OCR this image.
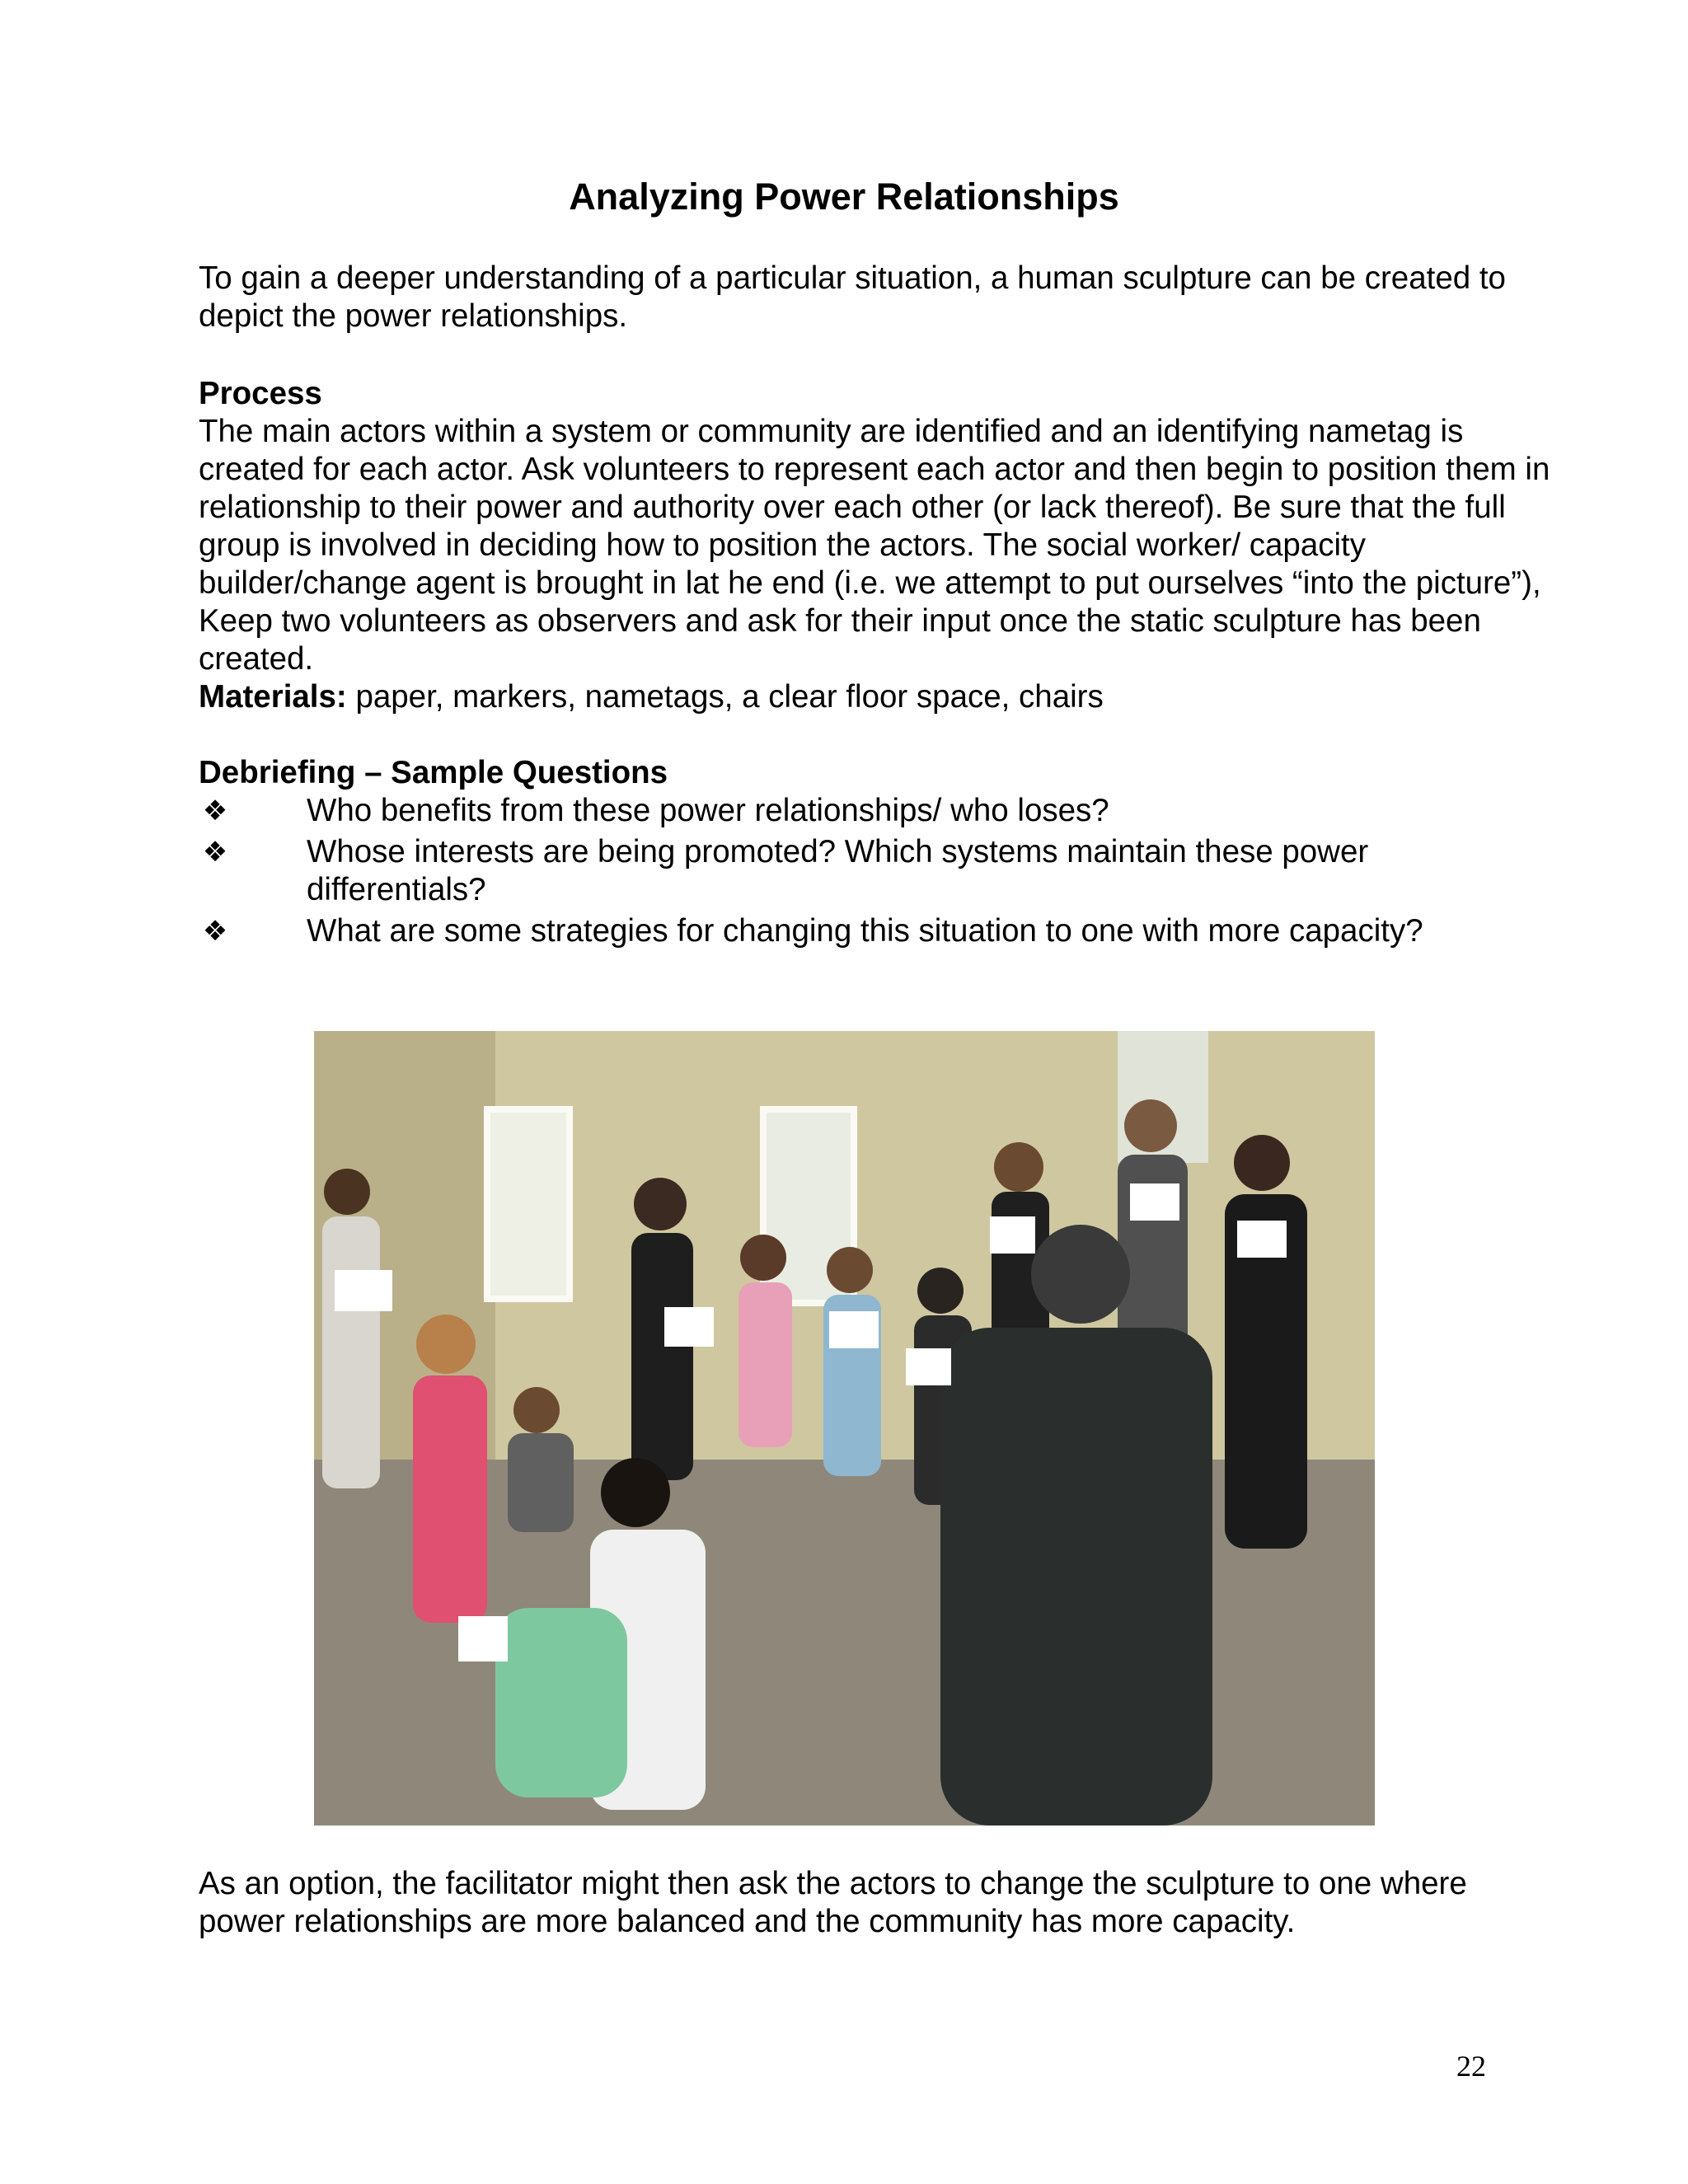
Analyzing Power Relationships

To gain a deeper understanding of a particular situation, a human sculpture can be created to depict the power relationships.

Process

The main actors within a system or community are identified and an identifying nametag is created for each actor. Ask volunteers to represent each actor and then begin to position them in relationship to their power and authority over each other (or lack thereof). Be sure that the full group is involved in deciding how to position the actors. The social worker/ capacity builder/change agent is brought in lat he end (i.e. we attempt to put ourselves “into the picture”), Keep two volunteers as observers and ask for their input once the static sculpture has been created.

Materials: paper, markers, nametags, a clear floor space, chairs

Debriefing – Sample Questions

❖ Who benefits from these power relationships/ who loses?
❖ Whose interests are being promoted? Which systems maintain these power differentials?
❖ What are some strategies for changing this situation to one with more capacity?

As an option, the facilitator might then ask the actors to change the sculpture to one where power relationships are more balanced and the community has more capacity.

22
